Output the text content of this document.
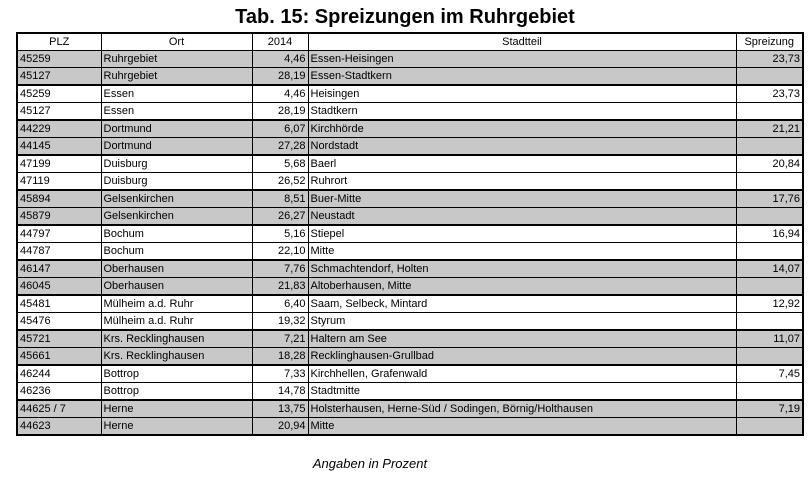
Tab. 15: Spreizungen im Ruhrgebiet
PLZ	Ort	2014	Stadtteil	Spreizung
45259	Ruhrgebiet	4,46	Essen-Heisingen	23,73
45127	Ruhrgebiet	28,19	Essen-Stadtkern	
45259	Essen	4,46	Heisingen	23,73
45127	Essen	28,19	Stadtkern	
44229	Dortmund	6,07	Kirchhörde	21,21
44145	Dortmund	27,28	Nordstadt	
47199	Duisburg	5,68	Baerl	20,84
47119	Duisburg	26,52	Ruhrort	
45894	Gelsenkirchen	8,51	Buer-Mitte	17,76
45879	Gelsenkirchen	26,27	Neustadt	
44797	Bochum	5,16	Stiepel	16,94
44787	Bochum	22,10	Mitte	
46147	Oberhausen	7,76	Schmachtendorf, Holten	14,07
46045	Oberhausen	21,83	Altoberhausen, Mitte	
45481	Mülheim a.d. Ruhr	6,40	Saam, Selbeck, Mintard	12,92
45476	Mülheim a.d. Ruhr	19,32	Styrum	
45721	Krs. Recklinghausen	7,21	Haltern am See	11,07
45661	Krs. Recklinghausen	18,28	Recklinghausen-Grullbad	
46244	Bottrop	7,33	Kirchhellen, Grafenwald	7,45
46236	Bottrop	14,78	Stadtmitte	
44625 / 7	Herne	13,75	Holsterhausen, Herne-Süd / Sodingen, Börnig/Holthausen	7,19
44623	Herne	20,94	Mitte	
Angaben in Prozent
